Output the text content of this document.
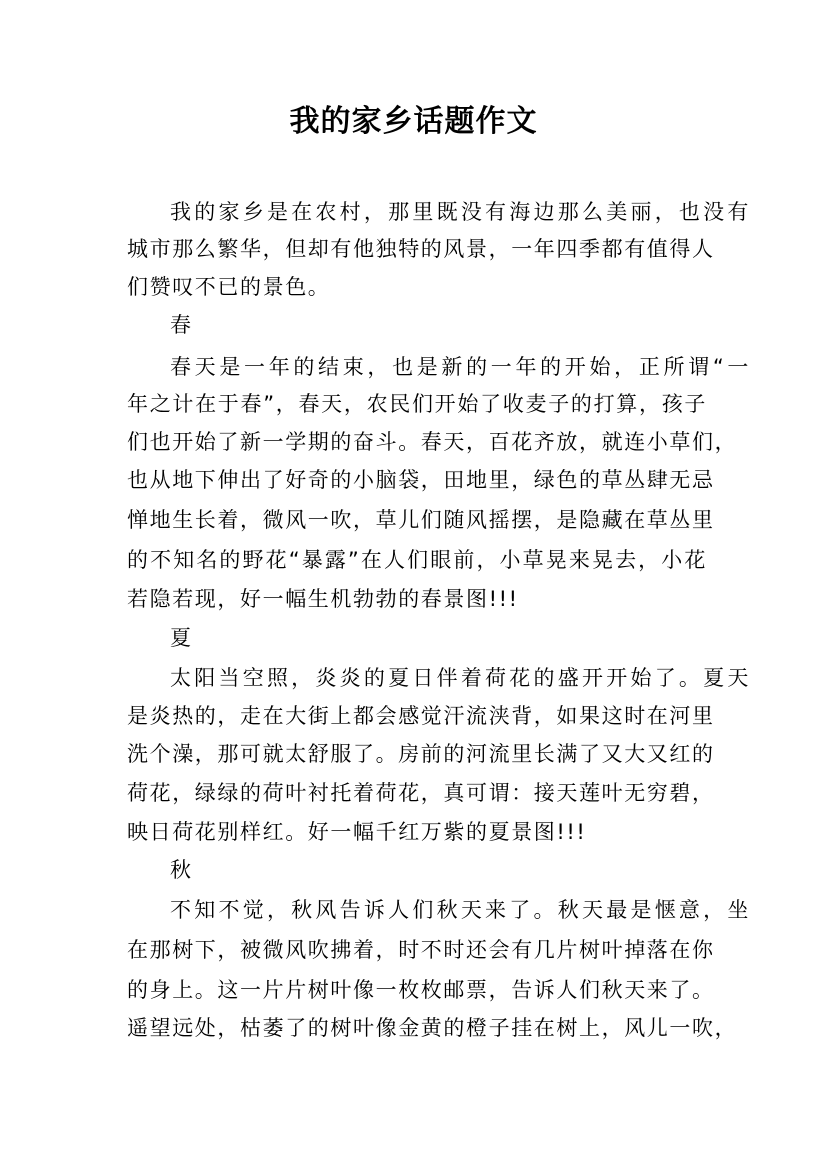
我的家乡话题作文
我的家乡是在农村，那里既没有海边那么美丽，也没有
城市那么繁华，但却有他独特的风景，一年四季都有值得人
们赞叹不已的景色。
春
春天是一年的结束，也是新的一年的开始，正所谓“一
年之计在于春”，春天，农民们开始了收麦子的打算，孩子
们也开始了新一学期的奋斗。春天，百花齐放，就连小草们，
也从地下伸出了好奇的小脑袋，田地里，绿色的草丛肆无忌
惮地生长着，微风一吹，草儿们随风摇摆，是隐藏在草丛里
的不知名的野花“暴露”在人们眼前，小草晃来晃去，小花
若隐若现，好一幅生机勃勃的春景图!!!
夏
太阳当空照，炎炎的夏日伴着荷花的盛开开始了。夏天
是炎热的，走在大街上都会感觉汗流浃背，如果这时在河里
洗个澡，那可就太舒服了。房前的河流里长满了又大又红的
荷花，绿绿的荷叶衬托着荷花，真可谓：接天莲叶无穷碧，
映日荷花别样红。好一幅千红万紫的夏景图!!!
秋
不知不觉，秋风告诉人们秋天来了。秋天最是惬意，坐
在那树下，被微风吹拂着，时不时还会有几片树叶掉落在你
的身上。这一片片树叶像一枚枚邮票，告诉人们秋天来了。
遥望远处，枯萎了的树叶像金黄的橙子挂在树上，风儿一吹，
